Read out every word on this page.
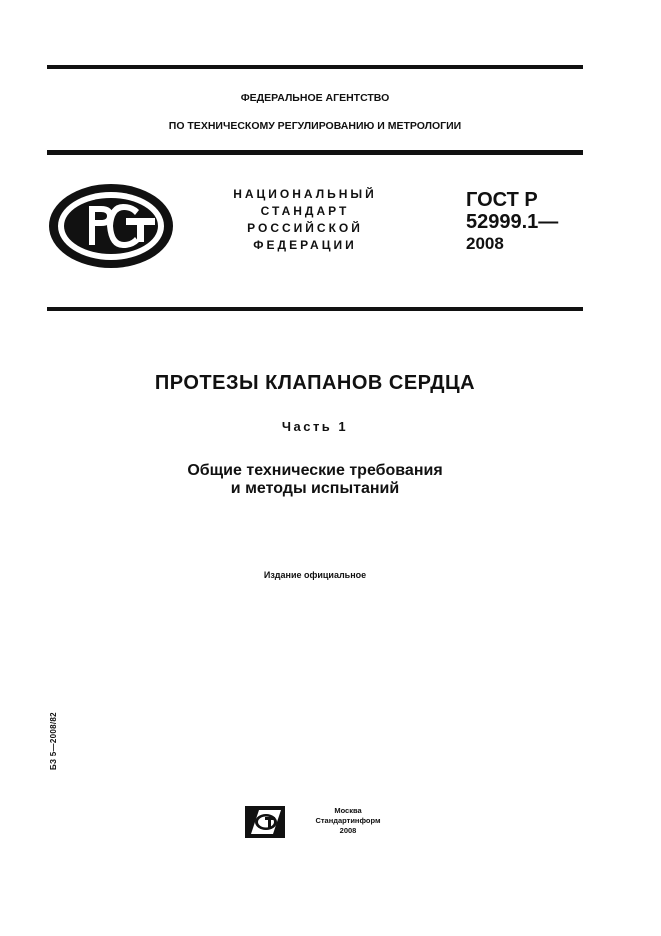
ФЕДЕРАЛЬНОЕ АГЕНТСТВО
ПО ТЕХНИЧЕСКОМУ РЕГУЛИРОВАНИЮ И МЕТРОЛОГИИ
НАЦИОНАЛЬНЫЙ
СТАНДАРТ
РОССИЙСКОЙ
ФЕДЕРАЦИИ
ГОСТ Р
52999.1—
2008
ПРОТЕЗЫ КЛАПАНОВ СЕРДЦА
Часть 1
Общие технические требования
и методы испытаний
Издание официальное
БЗ 5—2008/82
Москва
Стандартинформ
2008
